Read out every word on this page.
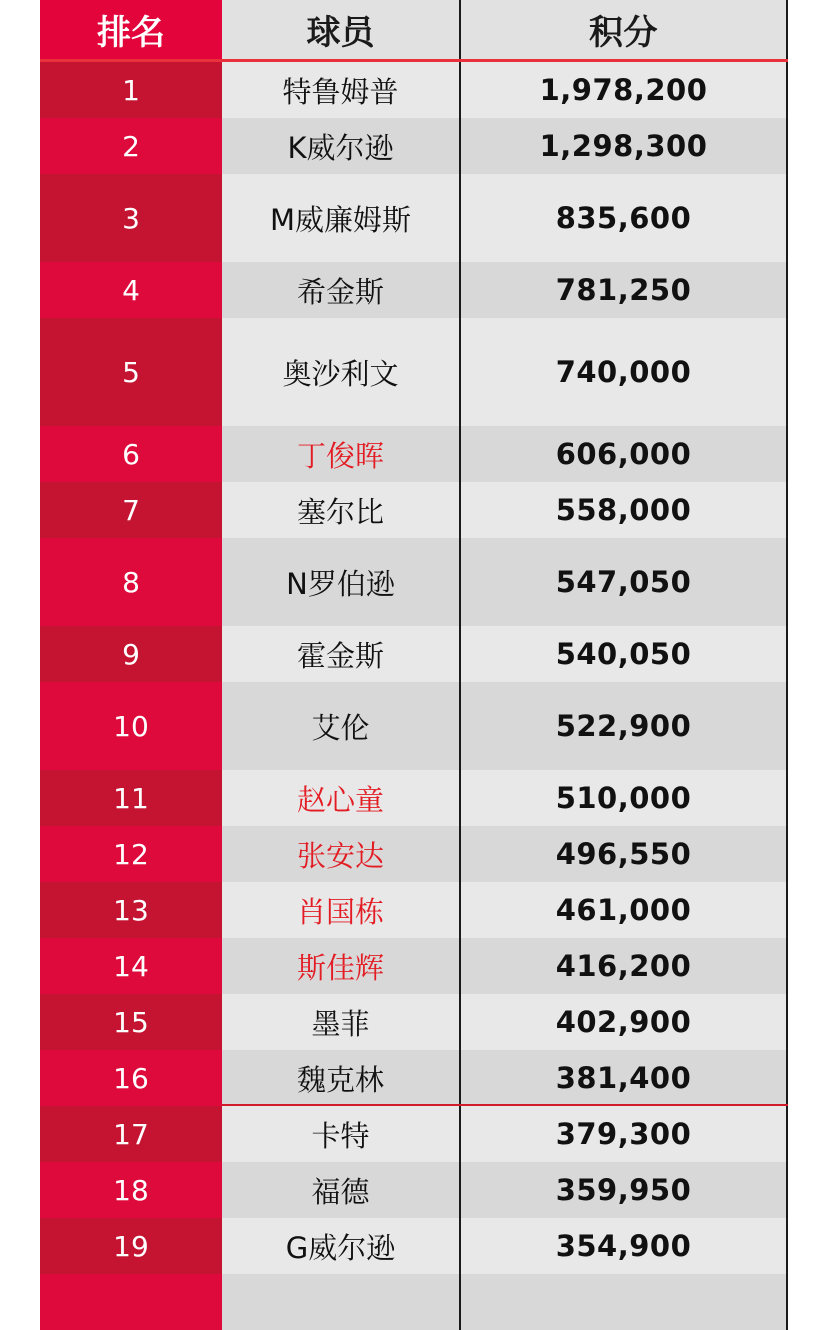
排名	球员	积分
1	特鲁姆普	1,978,200
2	K威尔逊	1,298,300
3	M威廉姆斯	835,600
4	希金斯	781,250
5	奥沙利文	740,000
6	丁俊晖	606,000
7	塞尔比	558,000
8	N罗伯逊	547,050
9	霍金斯	540,050
10	艾伦	522,900
11	赵心童	510,000
12	张安达	496,550
13	肖国栋	461,000
14	斯佳辉	416,200
15	墨菲	402,900
16	魏克林	381,400
17	卡特	379,300
18	福德	359,950
19	G威尔逊	354,900
